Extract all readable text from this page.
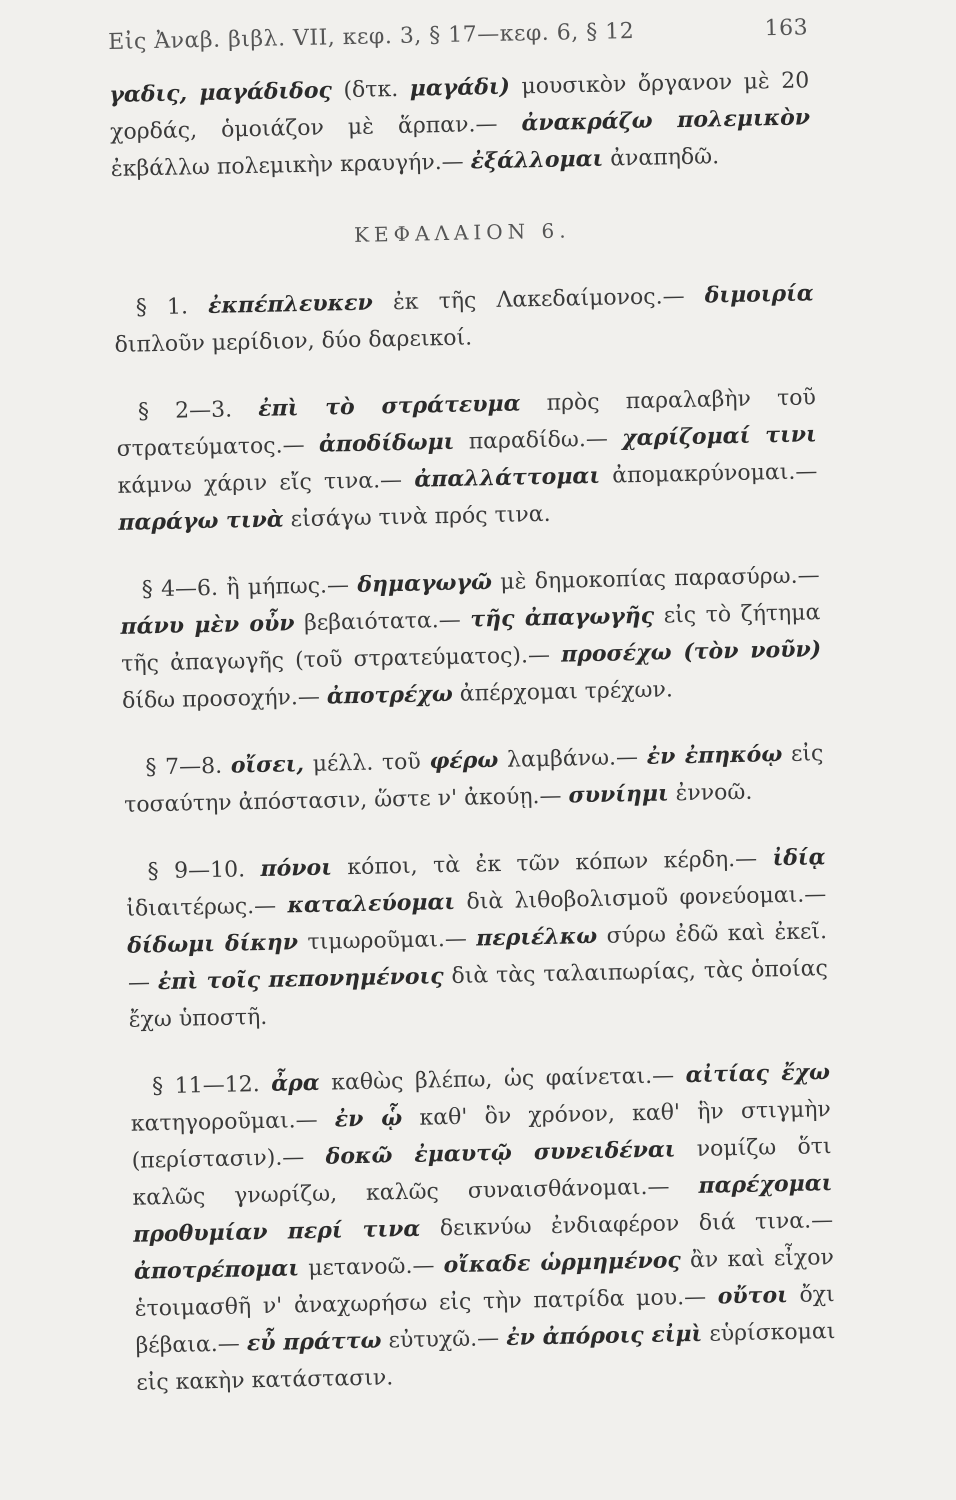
Εἰς Ἀναβ. βιβλ. VII, κεφ. 3, § 17—κεφ. 6, § 12	163

γαδις, μαγάδιδος (δτκ. μαγάδι) μουσικὸν ὄργανον μὲ 20 χορδάς, ὁμοιάζον μὲ ἅρπαν.— ἀνακράζω πολεμικὸν ἐκβάλλω πολεμικὴν κραυγήν.— ἐξάλλομαι ἀναπηδῶ.

ΚΕΦΑΛΑΙΟΝ 6.

§ 1. ἐκπέπλευκεν ἐκ τῆς Λακεδαίμονος.— διμοιρία διπλοῦν μερίδιον, δύο δαρεικοί.

§ 2—3. ἐπὶ τὸ στράτευμα πρὸς παραλαβὴν τοῦ στρατεύματος.— ἀποδίδωμι παραδίδω.— χαρίζομαί τινι κάμνω χάριν εἴς τινα.— ἀπαλλάττομαι ἀπομακρύνομαι.— παράγω τινὰ εἰσάγω τινὰ πρός τινα.

§ 4—6. ἢ μήπως.— δημαγωγῶ μὲ δημοκοπίας παρασύρω.— πάνυ μὲν οὖν βεβαιότατα.— τῆς ἀπαγωγῆς εἰς τὸ ζήτημα τῆς ἀπαγωγῆς (τοῦ στρατεύματος).— προσέχω (τὸν νοῦν) δίδω προσοχήν.— ἀποτρέχω ἀπέρχομαι τρέχων.

§ 7—8. οἴσει, μέλλ. τοῦ φέρω λαμβάνω.— ἐν ἐπηκόῳ εἰς τοσαύτην ἀπόστασιν, ὥστε ν' ἀκούῃ.— συνίημι ἐννοῶ.

§ 9—10. πόνοι κόποι, τὰ ἐκ τῶν κόπων κέρδη.— ἰδίᾳ ἰδιαιτέρως.— καταλεύομαι διὰ λιθοβολισμοῦ φονεύομαι.— δίδωμι δίκην τιμωροῦμαι.— περιέλκω σύρω ἐδῶ καὶ ἐκεῖ.— ἐπὶ τοῖς πεπονημένοις διὰ τὰς ταλαιπωρίας, τὰς ὁποίας ἔχω ὑποστῆ.

§ 11—12. ἆρα καθὼς βλέπω, ὡς φαίνεται.— αἰτίας ἔχω κατηγοροῦμαι.— ἐν ᾧ καθ' ὃν χρόνον, καθ' ἣν στιγμὴν (περίστασιν).— δοκῶ ἐμαυτῷ συνειδέναι νομίζω ὅτι καλῶς γνωρίζω, καλῶς συναισθάνομαι.— παρέχομαι προθυμίαν περί τινα δεικνύω ἐνδιαφέρον διά τινα.— ἀποτρέπομαι μετανοῶ.— οἴκαδε ὡρμημένος ἂν καὶ εἶχον ἑτοιμασθῆ ν' ἀναχωρήσω εἰς τὴν πατρίδα μου.— οὔτοι ὄχι βέβαια.— εὖ πράττω εὐτυχῶ.— ἐν ἀπόροις εἰμὶ εὑρίσκομαι εἰς κακὴν κατάστασιν.
